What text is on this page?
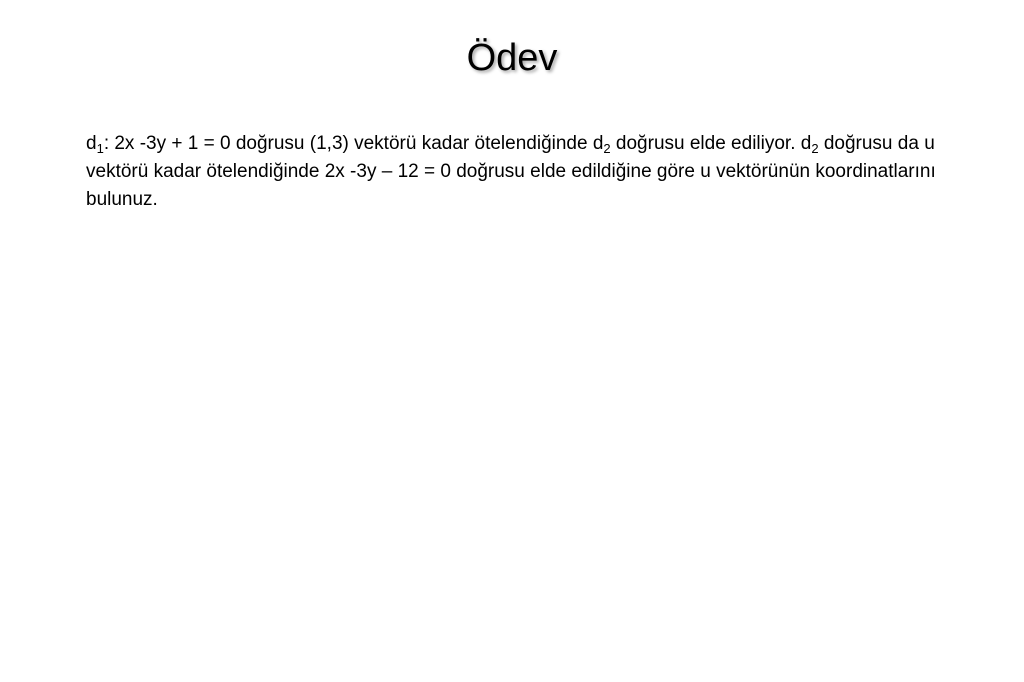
Ödev
$d_1$: 2x -3y + 1 = 0 doğrusu (1,3) vektörü kadar ötelendiğinde $d_2$ doğrusu elde ediliyor. $d_2$ doğrusu da u vektörü kadar ötelendiğinde 2x -3y – 12 = 0 doğrusu elde edildiğine göre u vektörünün koordinatlarını bulunuz.
